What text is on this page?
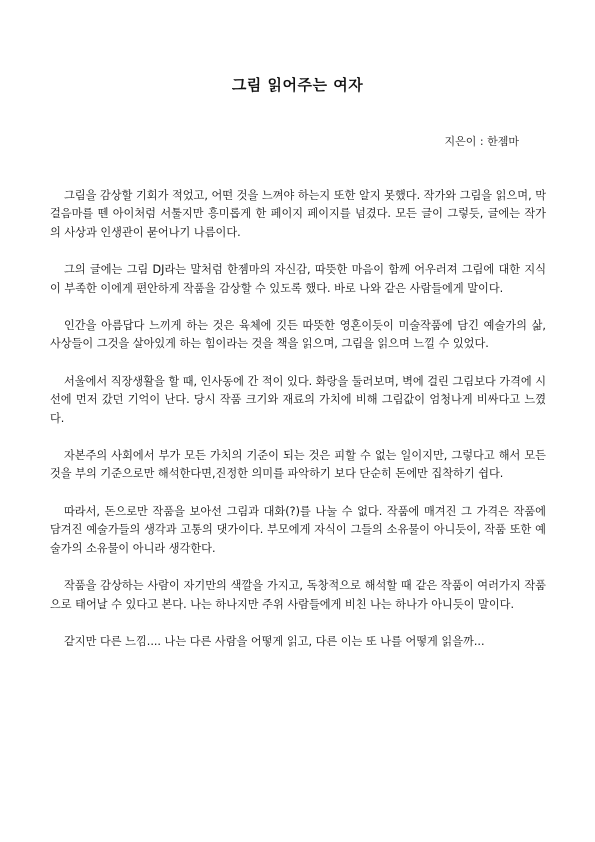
그림 읽어주는 여자
지은이 : 한젬마

그림을 감상할 기회가 적었고, 어떤 것을 느껴야 하는지 또한 알지 못했다. 작가와 그림을 읽으며, 막 걸음마를 뗀 아이처럼 서툴지만 흥미롭게 한 페이지 페이지를 넘겼다. 모든 글이 그렇듯, 글에는 작가의 사상과 인생관이 묻어나기 나름이다.

그의 글에는 그림 DJ라는 말처럼 한젬마의 자신감, 따뜻한 마음이 함께 어우러져 그림에 대한 지식이 부족한 이에게 편안하게 작품을 감상할 수 있도록 했다. 바로 나와 같은 사람들에게 말이다.

인간을 아름답다 느끼게 하는 것은 육체에 깃든 따뜻한 영혼이듯이 미술작품에 담긴 예술가의 삶, 사상들이 그것을 살아있게 하는 힘이라는 것을 책을 읽으며, 그림을 읽으며 느낄 수 있었다.

서울에서 직장생활을 할 때, 인사동에 간 적이 있다. 화랑을 둘러보며, 벽에 걸린 그림보다 가격에 시선에 먼저 갔던 기억이 난다. 당시 작품 크기와 재료의 가치에 비해 그림값이 엄청나게 비싸다고 느꼈다.

자본주의 사회에서 부가 모든 가치의 기준이 되는 것은 피할 수 없는 일이지만, 그렇다고 해서 모든 것을 부의 기준으로만 해석한다면,진정한 의미를 파악하기 보다 단순히 돈에만 집착하기 쉽다.

따라서, 돈으로만 작품을 보아선 그림과 대화(?)를 나눌 수 없다. 작품에 매겨진 그 가격은 작품에 담겨진 예술가들의 생각과 고통의 댓가이다. 부모에게 자식이 그들의 소유물이 아니듯이, 작품 또한 예술가의 소유물이 아니라 생각한다.

작품을 감상하는 사람이 자기만의 색깔을 가지고, 독창적으로 해석할 때 같은 작품이 여러가지 작품으로 태어날 수 있다고 본다. 나는 하나지만 주위 사람들에게 비친 나는 하나가 아니듯이 말이다.

같지만 다른 느낌.... 나는 다른 사람을 어떻게 읽고, 다른 이는 또 나를 어떻게 읽을까...
